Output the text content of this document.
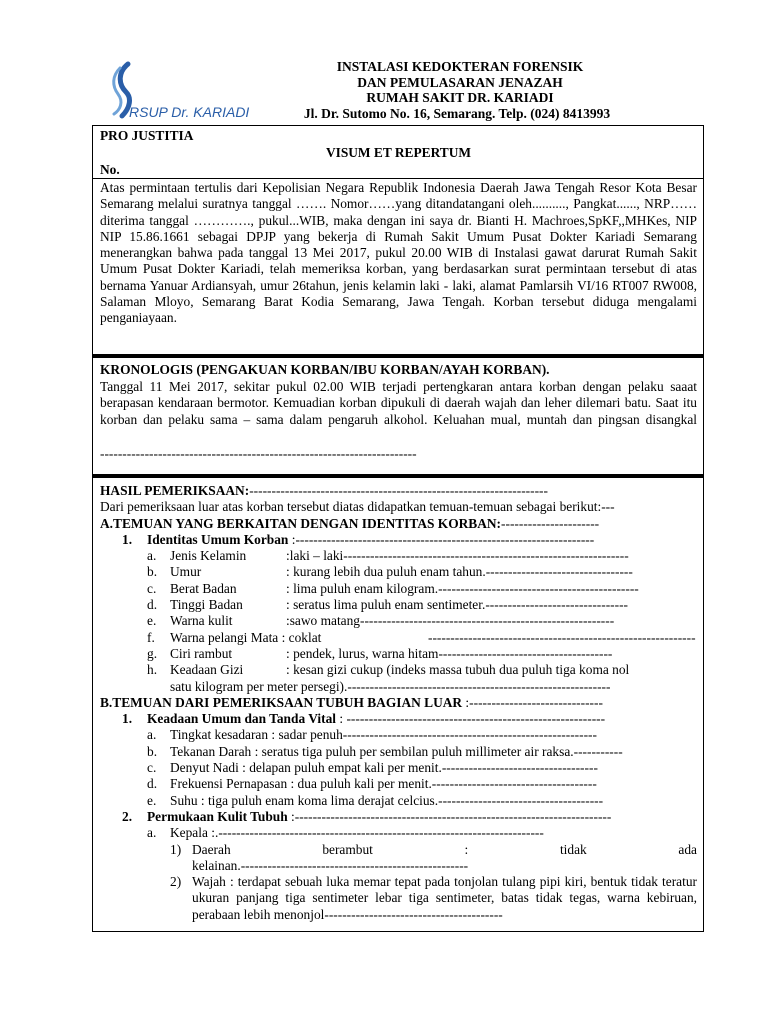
RSUP Dr. KARIADI
INSTALASI KEDOKTERAN FORENSIK
DAN PEMULASARAN JENAZAH
RUMAH SAKIT DR. KARIADI
Jl. Dr. Sutomo No. 16, Semarang. Telp. (024) 8413993
PRO JUSTITIA
VISUM ET REPERTUM
No.
Atas permintaan tertulis dari Kepolisian Negara Republik Indonesia Daerah Jawa Tengah Resor Kota Besar Semarang melalui suratnya tanggal ……. Nomor……yang ditandatangani oleh.........., Pangkat......, NRP…… diterima tanggal …………., pukul...WIB, maka dengan ini saya dr. Bianti H. Machroes,SpKF,,MHKes, NIP NIP 15.86.1661 sebagai DPJP yang bekerja di Rumah Sakit Umum Pusat Dokter Kariadi Semarang menerangkan bahwa pada tanggal 13 Mei 2017, pukul 20.00 WIB di Instalasi gawat darurat Rumah Sakit Umum Pusat Dokter Kariadi, telah memeriksa korban, yang berdasarkan surat permintaan tersebut di atas bernama Yanuar Ardiansyah, umur 26tahun, jenis kelamin laki - laki, alamat Pamlarsih VI/16 RT007 RW008, Salaman Mloyo, Semarang Barat Kodia Semarang, Jawa Tengah. Korban tersebut diduga mengalami penganiayaan.
KRONOLOGIS (PENGAKUAN KORBAN/IBU KORBAN/AYAH KORBAN).
Tanggal 11 Mei 2017, sekitar pukul 02.00 WIB terjadi pertengkaran antara korban dengan pelaku saaat berapasan kendaraan bermotor. Kemuadian korban dipukuli di daerah wajah dan leher dilemari batu. Saat itu korban dan pelaku sama – sama dalam pengaruh alkohol. Keluahan mual, muntah dan pingsan disangkal
-----------------------------------------------------------------------
HASIL PEMERIKSAAN:-------------------------------------------------------------------
Dari pemeriksaan luar atas korban tersebut diatas didapatkan temuan-temuan sebagai berikut:---
A.TEMUAN YANG BERKAITAN DENGAN IDENTITAS KORBAN:----------------------
1. Identitas Umum Korban :-------------------------------------------------------------------
a. Jenis Kelamin	:laki – laki----------------------------------------------------------------
b. Umur	: kurang lebih dua puluh enam tahun.---------------------------------
c. Berat Badan	: lima puluh enam kilogram.---------------------------------------------
d. Tinggi Badan	: seratus lima puluh enam sentimeter.--------------------------------
e. Warna kulit	:sawo matang---------------------------------------------------------
f. Warna pelangi Mata : coklat	------------------------------------------------------------
g. Ciri rambut	: pendek, lurus, warna hitam---------------------------------------
h. Keadaan Gizi	: kesan gizi cukup (indeks massa tubuh dua puluh tiga koma nol
satu kilogram per meter persegi).-----------------------------------------------------------
B.TEMUAN DARI PEMERIKSAAN TUBUH BAGIAN LUAR :------------------------------
1. Keadaan Umum dan Tanda Vital : ----------------------------------------------------------
a. Tingkat kesadaran : sadar penuh---------------------------------------------------------
b. Tekanan Darah : seratus tiga puluh per sembilan puluh millimeter air raksa.-----------
c. Denyut Nadi : delapan puluh empat kali per menit.-----------------------------------
d. Frekuensi Pernapasan : dua puluh kali per menit.-------------------------------------
e. Suhu : tiga puluh enam koma lima derajat celcius.-------------------------------------
2. Permukaan Kulit Tubuh :-----------------------------------------------------------------------
a. Kepala :.-------------------------------------------------------------------------
1) Daerah	berambut	:	tidak	ada
kelainan.---------------------------------------------------
2) Wajah : terdapat sebuah luka memar tepat pada tonjolan tulang pipi kiri, bentuk tidak teratur ukuran panjang tiga sentimeter lebar tiga sentimeter, batas tidak tegas, warna kebiruan, perabaan lebih menonjol----------------------------------------
